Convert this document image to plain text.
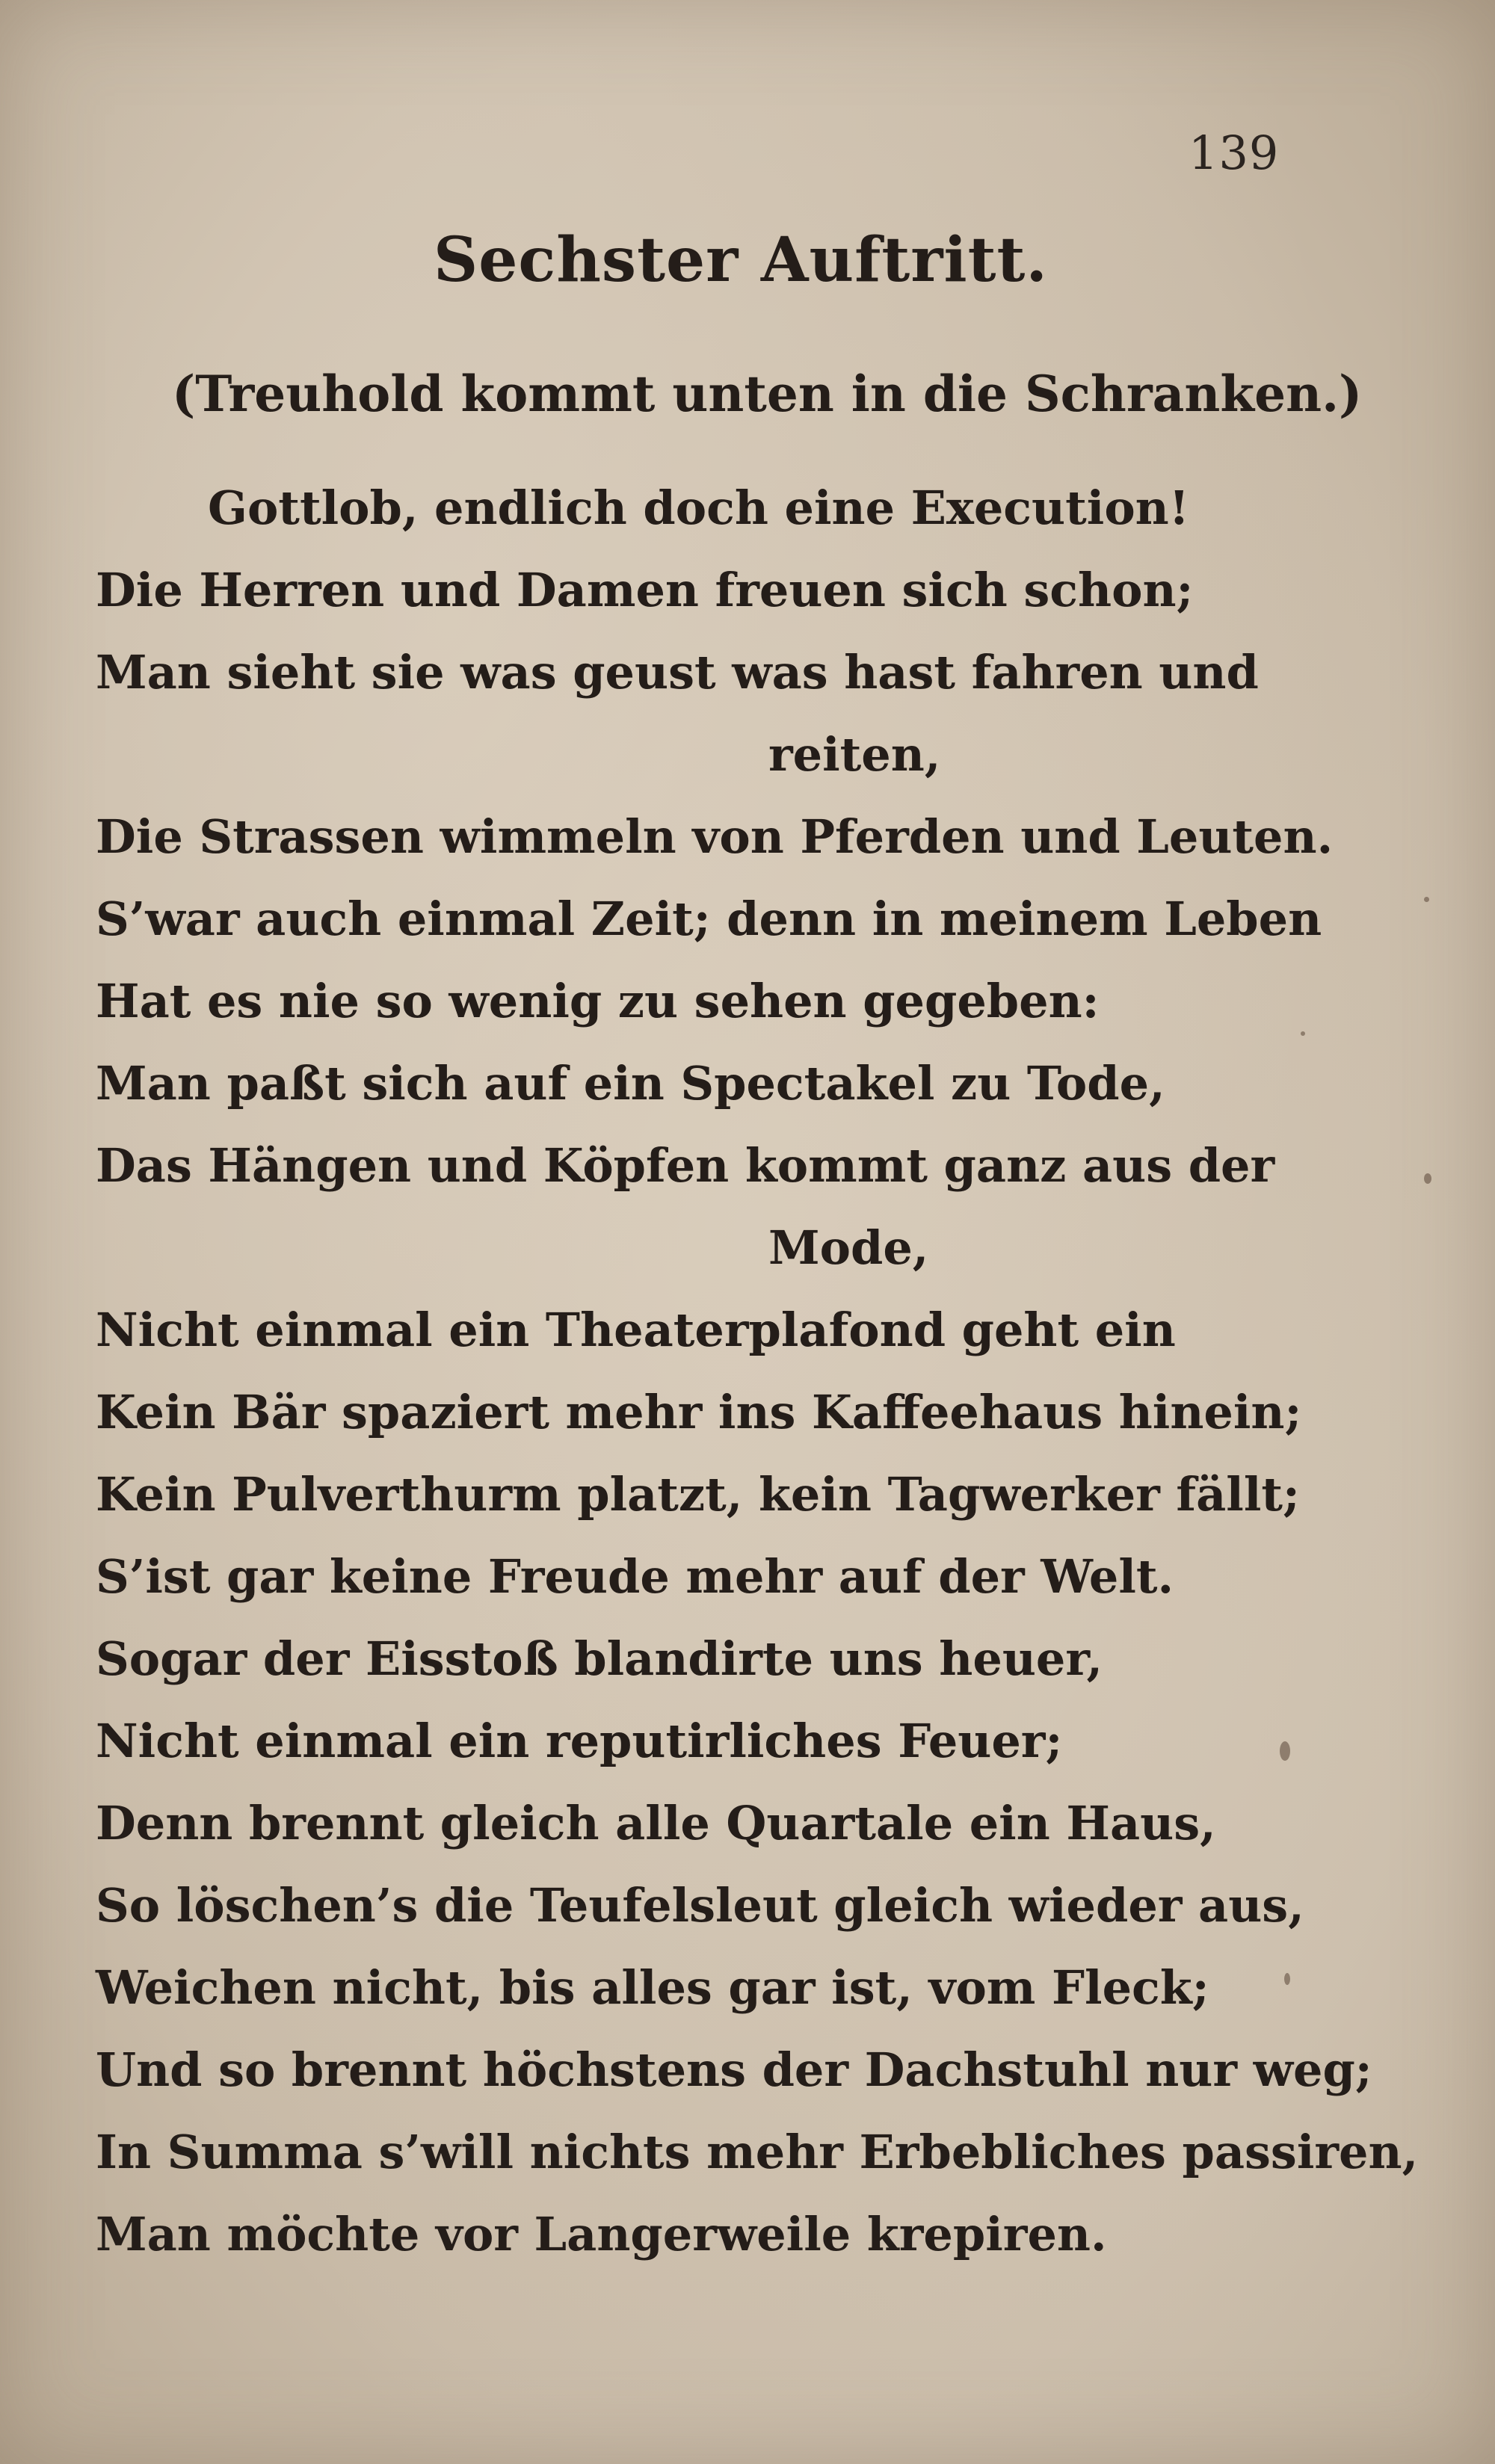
139
Sechster Auftritt.
(Treuhold kommt unten in die Schranken.)
Gottlob, endlich doch eine Execution!
Die Herren und Damen freuen sich schon;
Man sieht sie was geust was hast fahren und
reiten,
Die Strassen wimmeln von Pferden und Leuten.
S’war auch einmal Zeit; denn in meinem Leben
Hat es nie so wenig zu sehen gegeben:
Man paßt sich auf ein Spectakel zu Tode,
Das Hängen und Köpfen kommt ganz aus der
Mode,
Nicht einmal ein Theaterplafond geht ein
Kein Bär spaziert mehr ins Kaffeehaus hinein;
Kein Pulverthurm platzt, kein Tagwerker fällt;
S’ist gar keine Freude mehr auf der Welt.
Sogar der Eisstoß blandirte uns heuer,
Nicht einmal ein reputirliches Feuer;
Denn brennt gleich alle Quartale ein Haus,
So löschen’s die Teufelsleut gleich wieder aus,
Weichen nicht, bis alles gar ist, vom Fleck;
Und so brennt höchstens der Dachstuhl nur weg;
In Summa s’will nichts mehr Erbebliches passiren,
Man möchte vor Langerweile krepiren.
